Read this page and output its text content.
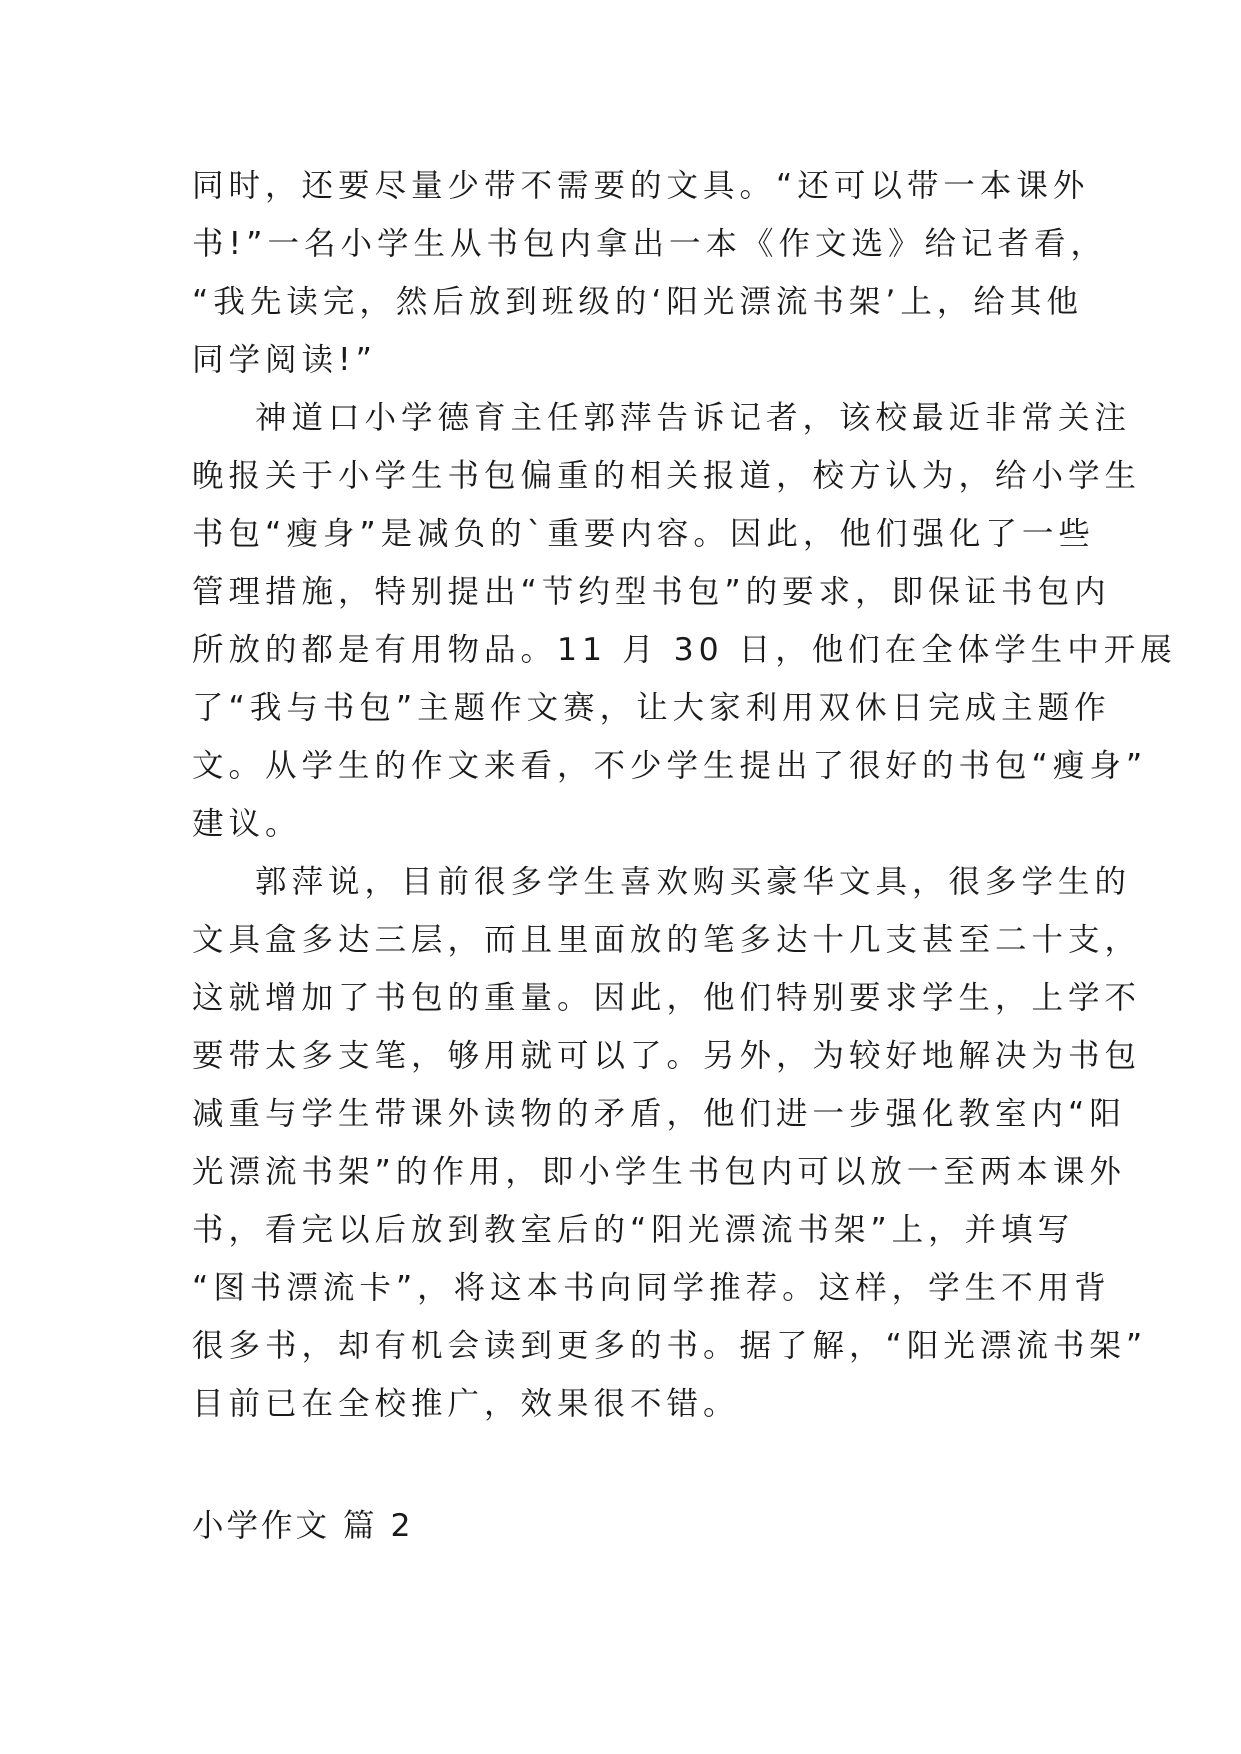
同时，还要尽量少带不需要的文具。“还可以带一本课外
书!”一名小学生从书包内拿出一本《作文选》给记者看，
“我先读完，然后放到班级的‘阳光漂流书架’上，给其他
同学阅读!”
神道口小学德育主任郭萍告诉记者，该校最近非常关注
晚报关于小学生书包偏重的相关报道，校方认为，给小学生
书包“瘦身”是减负的`重要内容。因此，他们强化了一些
管理措施，特别提出“节约型书包”的要求，即保证书包内
所放的都是有用物品。11 月 30 日，他们在全体学生中开展
了“我与书包”主题作文赛，让大家利用双休日完成主题作
文。从学生的作文来看，不少学生提出了很好的书包“瘦身”
建议。
郭萍说，目前很多学生喜欢购买豪华文具，很多学生的
文具盒多达三层，而且里面放的笔多达十几支甚至二十支，
这就增加了书包的重量。因此，他们特别要求学生，上学不
要带太多支笔，够用就可以了。另外，为较好地解决为书包
减重与学生带课外读物的矛盾，他们进一步强化教室内“阳
光漂流书架”的作用，即小学生书包内可以放一至两本课外
书，看完以后放到教室后的“阳光漂流书架”上，并填写
“图书漂流卡”，将这本书向同学推荐。这样，学生不用背
很多书，却有机会读到更多的书。据了解，“阳光漂流书架”
目前已在全校推广，效果很不错。
小学作文 篇 2
